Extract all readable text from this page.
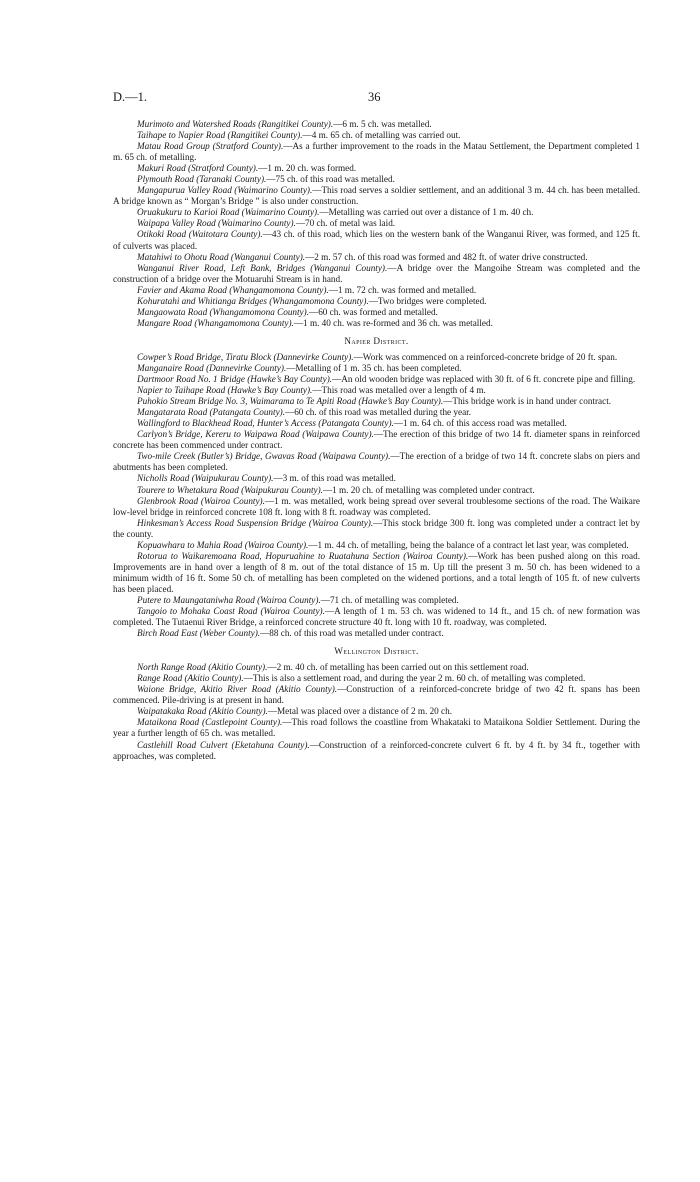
D.—1.	36

Murimoto and Watershed Roads (Rangitikei County).—6 m. 5 ch. was metalled.

Taihape to Napier Road (Rangitikei County).—4 m. 65 ch. of metalling was carried out.

Matau Road Group (Stratford County).—As a further improvement to the roads in the Matau Settlement, the Department completed 1 m. 65 ch. of metalling.

Makuri Road (Stratford County).—1 m. 20 ch. was formed.

Plymouth Road (Taranaki County).—75 ch. of this road was metalled.

Mangapurua Valley Road (Waimarino County).—This road serves a soldier settlement, and an additional 3 m. 44 ch. has been metalled. A bridge known as “ Morgan’s Bridge ” is also under construction.

Oruakukuru to Karioi Road (Waimarino County).—Metalling was carried out over a distance of 1 m. 40 ch.

Waipapa Valley Road (Waimarino County).—70 ch. of metal was laid.

Otikoki Road (Waitotara County).—43 ch. of this road, which lies on the western bank of the Wanganui River, was formed, and 125 ft. of culverts was placed.

Matahiwi to Ohotu Road (Wanganui County).—2 m. 57 ch. of this road was formed and 482 ft. of water drive constructed.

Wanganui River Road, Left Bank, Bridges (Wanganui County).—A bridge over the Mangoihe Stream was completed and the construction of a bridge over the Motuaruhi Stream is in hand.

Favier and Akama Road (Whangamomona County).—1 m. 72 ch. was formed and metalled.

Kohuratahi and Whitianga Bridges (Whangamomona County).—Two bridges were completed.

Mangaowata Road (Whangamomona County).—60 ch. was formed and metalled.

Mangare Road (Whangamomona County).—1 m. 40 ch. was re-formed and 36 ch. was metalled.

Napier District.

Cowper’s Road Bridge, Tiratu Block (Dannevirke County).—Work was commenced on a reinforced-concrete bridge of 20 ft. span.

Manganaire Road (Dannevirke County).—Metalling of 1 m. 35 ch. has been completed.

Dartmoor Road No. 1 Bridge (Hawke’s Bay County).—An old wooden bridge was replaced with 30 ft. of 6 ft. concrete pipe and filling.

Napier to Taihape Road (Hawke’s Bay County).—This road was metalled over a length of 4 m.

Puhokio Stream Bridge No. 3, Waimarama to Te Apiti Road (Hawke’s Bay County).—This bridge work is in hand under contract.

Mangatarata Road (Patangata County).—60 ch. of this road was metalled during the year.

Wallingford to Blackhead Road, Hunter’s Access (Patangata County).—1 m. 64 ch. of this access road was metalled.

Carlyon’s Bridge, Kereru to Waipawa Road (Waipawa County).—The erection of this bridge of two 14 ft. diameter spans in reinforced concrete has been commenced under contract.

Two-mile Creek (Butler’s) Bridge, Gwavas Road (Waipawa County).—The erection of a bridge of two 14 ft. concrete slabs on piers and abutments has been completed.

Nicholls Road (Waipukurau County).—3 m. of this road was metalled.

Tourere to Whetakura Road (Waipukurau County).—1 m. 20 ch. of metalling was completed under contract.

Glenbrook Road (Wairoa County).—1 m. was metalled, work being spread over several troublesome sections of the road. The Waikare low-level bridge in reinforced concrete 108 ft. long with 8 ft. roadway was completed.

Hinkesman’s Access Road Suspension Bridge (Wairoa County).—This stock bridge 300 ft. long was completed under a contract let by the county.

Kopuawhara to Mahia Road (Wairoa County).—1 m. 44 ch. of metalling, being the balance of a contract let last year, was completed.

Rotorua to Waikaremoana Road, Hopuruahine to Ruatahuna Section (Wairoa County).—Work has been pushed along on this road. Improvements are in hand over a length of 8 m. out of the total distance of 15 m. Up till the present 3 m. 50 ch. has been widened to a minimum width of 16 ft. Some 50 ch. of metalling has been completed on the widened portions, and a total length of 105 ft. of new culverts has been placed.

Putere to Maungataniwha Road (Wairoa County).—71 ch. of metalling was completed.

Tangoio to Mohaka Coast Road (Wairoa County).—A length of 1 m. 53 ch. was widened to 14 ft., and 15 ch. of new formation was completed. The Tutaenui River Bridge, a reinforced concrete structure 40 ft. long with 10 ft. roadway, was completed.

Birch Road East (Weber County).—88 ch. of this road was metalled under contract.

Wellington District.

North Range Road (Akitio County).—2 m. 40 ch. of metalling has been carried out on this settlement road.

Range Road (Akitio County).—This is also a settlement road, and during the year 2 m. 60 ch. of metalling was completed.

Waione Bridge, Akitio River Road (Akitio County).—Construction of a reinforced-concrete bridge of two 42 ft. spans has been commenced. Pile-driving is at present in hand.

Waipatakaka Road (Akitio County).—Metal was placed over a distance of 2 m. 20 ch.

Mataikona Road (Castlepoint County).—This road follows the coastline from Whakataki to Mataikona Soldier Settlement. During the year a further length of 65 ch. was metalled.

Castlehill Road Culvert (Eketahuna County).—Construction of a reinforced-concrete culvert 6 ft. by 4 ft. by 34 ft., together with approaches, was completed.
